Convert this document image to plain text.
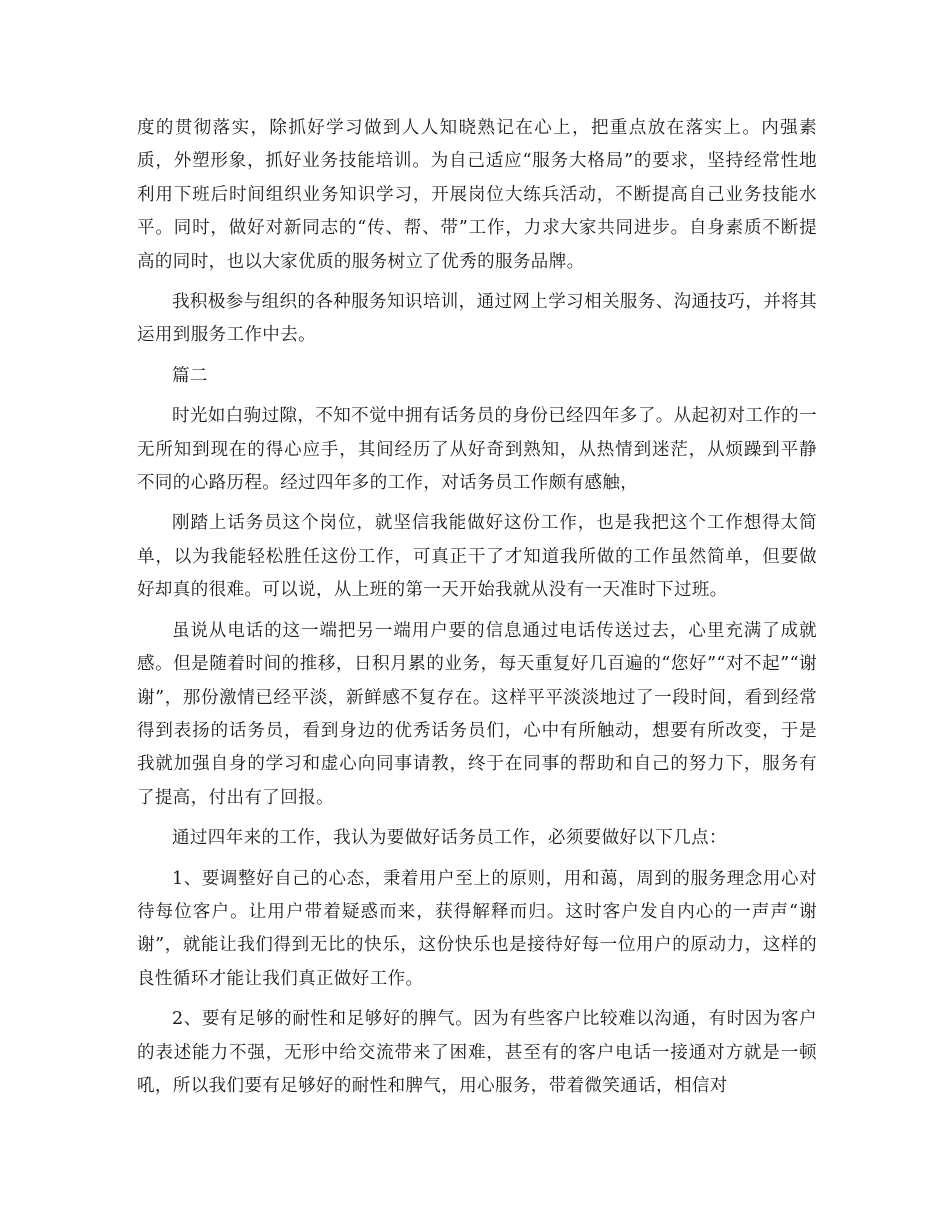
度的贯彻落实，除抓好学习做到人人知晓熟记在心上，把重点放在落实上。内强素质，外塑形象，抓好业务技能培训。为自己适应“服务大格局”的要求，坚持经常性地利用下班后时间组织业务知识学习，开展岗位大练兵活动，不断提高自己业务技能水平。同时，做好对新同志的“传、帮、带”工作，力求大家共同进步。自身素质不断提高的同时，也以大家优质的服务树立了优秀的服务品牌。

我积极参与组织的各种服务知识培训，通过网上学习相关服务、沟通技巧，并将其运用到服务工作中去。

篇二

时光如白驹过隙，不知不觉中拥有话务员的身份已经四年多了。从起初对工作的一无所知到现在的得心应手，其间经历了从好奇到熟知，从热情到迷茫，从烦躁到平静不同的心路历程。经过四年多的工作，对话务员工作颇有感触，

刚踏上话务员这个岗位，就坚信我能做好这份工作，也是我把这个工作想得太简单，以为我能轻松胜任这份工作，可真正干了才知道我所做的工作虽然简单，但要做好却真的很难。可以说，从上班的第一天开始我就从没有一天准时下过班。

虽说从电话的这一端把另一端用户要的信息通过电话传送过去，心里充满了成就感。但是随着时间的推移，日积月累的业务，每天重复好几百遍的“您好”“对不起”“谢谢”，那份激情已经平淡，新鲜感不复存在。这样平平淡淡地过了一段时间，看到经常得到表扬的话务员，看到身边的优秀话务员们，心中有所触动，想要有所改变，于是我就加强自身的学习和虚心向同事请教，终于在同事的帮助和自己的努力下，服务有了提高，付出有了回报。

通过四年来的工作，我认为要做好话务员工作，必须要做好以下几点：

1、要调整好自己的心态，秉着用户至上的原则，用和蔼，周到的服务理念用心对待每位客户。让用户带着疑惑而来，获得解释而归。这时客户发自内心的一声声“谢谢”，就能让我们得到无比的快乐，这份快乐也是接待好每一位用户的原动力，这样的良性循环才能让我们真正做好工作。

2、要有足够的耐性和足够好的脾气。因为有些客户比较难以沟通，有时因为客户的表述能力不强，无形中给交流带来了困难，甚至有的客户电话一接通对方就是一顿吼，所以我们要有足够好的耐性和脾气，用心服务，带着微笑通话，相信对
